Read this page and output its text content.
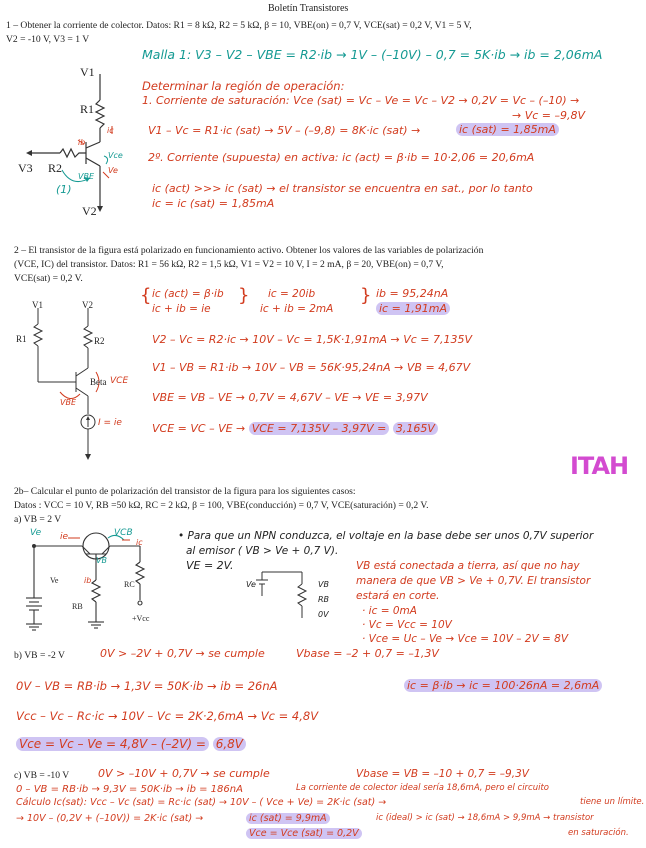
Boletín Transistores
1 – Obtener la corriente de colector. Datos: R1 = 8 kΩ, R2 = 5 kΩ, β = 10, VBE(on) = 0,7 V, VCE(sat) = 0,2 V, V1 = 5 V,
V2 = -10 V, V3 = 1 V
V1
R1
V3 R2
V2
(1)
ic
ib
Vce
VBE
Ve
Malla 1: V3 – V2 – VBE = R2·ib → 1V – (–10V) – 0,7 = 5K·ib → ib = 2,06mA
Determinar la región de operación:
1. Corriente de saturación: Vce (sat) = Vc – Ve = Vc – V2 → 0,2V = Vc – (–10) →
→ Vc = –9,8V
V1 – Vc = R1·ic (sat) → 5V – (–9,8) = 8K·ic (sat) →	ic (sat) = 1,85mA
2º. Corriente (supuesta) en activa: ic (act) = β·ib = 10·2,06 = 20,6mA
ic (act) >>> ic (sat) → el transistor se encuentra en sat., por lo tanto
ic = ic (sat) = 1,85mA
2 – El transistor de la figura está polarizado en funcionamiento activo. Obtener los valores de las variables de polarización
(VCE, IC) del transistor. Datos: R1 = 56 kΩ, R2 = 1,5 kΩ, V1 = V2 = 10 V, I = 2 mA, β = 20, VBE(on) = 0,7 V,
VCE(sat) = 0,2 V.
V1	V2
R1	R2
Beta VCE
VBE
I = ie
{ ic (act) = β·ib
ic + ib = ie
} ic = 20ib
ic + ib = 2mA
} ib = 95,24nA
ic = 1,91mA
V2 – Vc = R2·ic → 10V – Vc = 1,5K·1,91mA → Vc = 7,135V
V1 – VB = R1·ib → 10V – VB = 56K·95,24nA → VB = 4,67V
VBE = VB – VE → 0,7V = 4,67V – VE → VE = 3,97V
VCE = VC – VE → VCE = 7,135V – 3,97V = 3,165V
ITAH
2b– Calcular el punto de polarización del transistor de la figura para los siguientes casos:
Datos : VCC = 10 V, RB =50 kΩ, RC = 2 kΩ, β = 100, VBE(conducción) = 0,7 V, VCE(saturación) = 0,2 V.
a) VB = 2 V
Ve ie	VCB
ic
VB
ib
RB
RC
+Vcc
Ve
• Para que un NPN conduzca, el voltaje en la base debe ser unos 0,7V superior
al emisor ( VB > Ve + 0,7 V).
VE = 2V.
Ve	VB
RB
0V
VB está conectada a tierra, así que no hay
manera de que VB > Ve + 0,7V. El transistor
estará en corte.
· ic = 0mA
· Vc = Vcc = 10V
· Vce = Uc – Ve → Vce = 10V – 2V = 8V
b) VB = -2 V	0V > –2V + 0,7V → se cumple	Vbase = –2 + 0,7 = –1,3V
0V – VB = RB·ib → 1,3V = 50K·ib → ib = 26nA	ic = β·ib → ic = 100·26nA = 2,6mA
Vcc – Vc – Rc·ic → 10V – Vc = 2K·2,6mA → Vc = 4,8V
Vce = Vc – Ve = 4,8V – (–2V) = 6,8V
c) VB = -10 V	0V > –10V + 0,7V → se cumple	Vbase = VB = –10 + 0,7 = –9,3V
0 – VB = RB·ib → 9,3V = 50K·ib → ib = 186nA	La corriente de colector ideal sería 18,6mA, pero el circuito
Cálculo Ic(sat): Vcc – Vc (sat) = Rc·ic (sat) → 10V – ( Vce + Ve) = 2K·ic (sat) →	tiene un límite.
→ 10V – (0,2V + (–10V)) = 2K·ic (sat) →	ic (sat) = 9,9mA	ic (ideal) > ic (sat) → 18,6mA > 9,9mA → transistor
Vce = Vce (sat) = 0,2V	en saturación.
